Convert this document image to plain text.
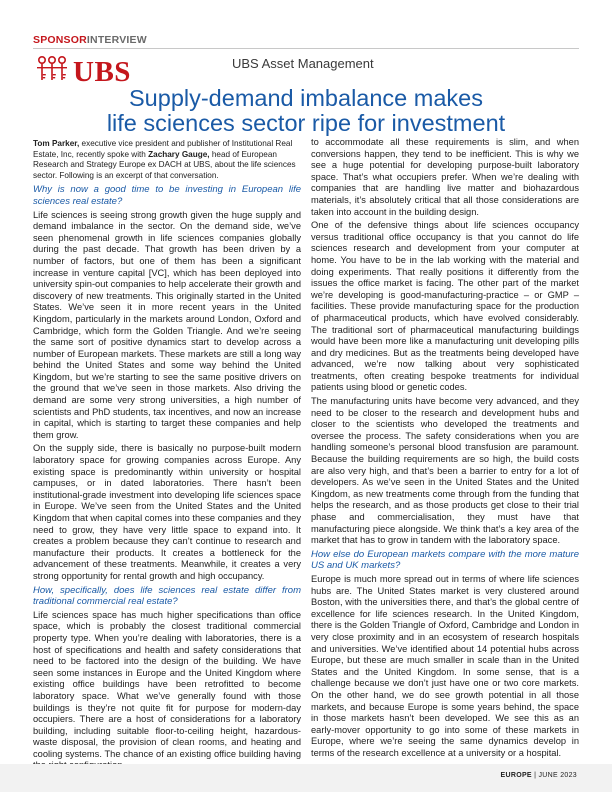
SPONSORINTERVIEW
UBS	UBS Asset Management
Supply-demand imbalance makes
life sciences sector ripe for investment

Tom Parker, executive vice president and publisher of Institutional Real Estate, Inc, recently spoke with Zachary Gauge, head of European Research and Strategy Europe ex DACH at UBS, about the life sciences sector. Following is an excerpt of that conversation.

Why is now a good time to be investing in European life sciences real estate?

Life sciences is seeing strong growth given the huge supply and demand imbalance in the sector. On the demand side, we’ve seen phenomenal growth in life sciences companies globally during the past decade. That growth has been driven by a number of factors, but one of them has been a significant increase in venture capital [VC], which has been deployed into university spin-out companies to help accelerate their growth and discovery of new treatments. This originally started in the United States. We’ve seen it in more recent years in the United Kingdom, particularly in the markets around London, Oxford and Cambridge, which form the Golden Triangle. And we’re seeing the same sort of positive dynamics start to develop across a number of European markets. These markets are still a long way behind the United States and some way behind the United Kingdom, but we’re starting to see the same positive drivers on the ground that we’ve seen in those markets. Also driving the demand are some very strong universities, a high number of scientists and PhD students, tax incentives, and now an increase in capital, which is starting to target these companies and help them grow.

On the supply side, there is basically no purpose-built modern laboratory space for growing companies across Europe. Any existing space is predominantly within university or hospital campuses, or in dated laboratories. There hasn’t been institutional-grade investment into developing life sciences space in Europe. We’ve seen from the United States and the United Kingdom that when capital comes into these companies and they need to grow, they have very little space to expand into. It creates a problem because they can’t continue to research and manufacture their products. It creates a bottleneck for the advancement of these treatments. Meanwhile, it creates a very strong opportunity for rental growth and high occupancy.

How, specifically, does life sciences real estate differ from traditional commercial real estate?

Life sciences space has much higher specifications than office space, which is probably the closest traditional commercial property type. When you’re dealing with laboratories, there is a host of specifications and health and safety considerations that need to be factored into the design of the building. We have seen some instances in Europe and the United Kingdom where existing office buildings have been retrofitted to become laboratory space. What we’ve generally found with those buildings is they’re not quite fit for purpose for modern-day occupiers. There are a host of considerations for a laboratory building, including suitable floor-to-ceiling height, hazardous-waste disposal, the provision of clean rooms, and heating and cooling systems. The chance of an existing office building having

to accommodate all these requirements is slim, and when conversions happen, they tend to be inefficient. This is why we see a huge potential for developing purpose-built laboratory space. That’s what occupiers prefer. When we’re dealing with companies that are handling live matter and biohazardous materials, it’s absolutely critical that all those considerations are taken into account in the building design.

One of the defensive things about life sciences occupancy versus traditional office occupancy is that you cannot do life sciences research and development from your computer at home. You have to be in the lab working with the material and doing experiments. That really positions it differently from the issues the office market is facing. The other part of the market we’re developing is good-manufacturing-practice – or GMP – facilities. These provide manufacturing space for the production of pharmaceutical products, which have evolved considerably. The traditional sort of pharmaceutical manufacturing buildings would have been more like a manufacturing unit developing pills and dry medicines. But as the treatments being developed have advanced, we’re now talking about very sophisticated treatments, often creating bespoke treatments for individual patients using blood or genetic codes.

The manufacturing units have become very advanced, and they need to be closer to the research and development hubs and closer to the scientists who developed the treatments and oversee the process. The safety considerations when you are handling someone’s personal blood transfusion are paramount. Because the building requirements are so high, the build costs are also very high, and that’s been a barrier to entry for a lot of developers. As we’ve seen in the United States and the United Kingdom, as new treatments come through from the funding that helps the research, and as those products get close to their trial phase and commercialisation, they must have that manufacturing piece alongside. We think that’s a key area of the market that has to grow in tandem with the laboratory space.

How else do European markets compare with the more mature US and UK markets?

Europe is much more spread out in terms of where life sciences hubs are. The United States market is very clustered around Boston, with the universities there, and that’s the global centre of excellence for life sciences research. In the United Kingdom, there is the Golden Triangle of Oxford, Cambridge and London in very close proximity and in an ecosystem of research hospitals and universities. We’ve identified about 14 potential hubs across Europe, but these are much smaller in scale than in the United States and the United Kingdom. In some sense, that is a challenge because we don’t just have one or two core markets. On the other hand, we do see growth potential in all those markets, and because Europe is some years behind, the space in those markets hasn’t been developed. We see this as an early-mover opportunity to go into some of these markets in Europe, where we’re seeing the same dynamics develop in terms of the research excellence at a university or a hospital.

EUROPE | JUNE 2023
